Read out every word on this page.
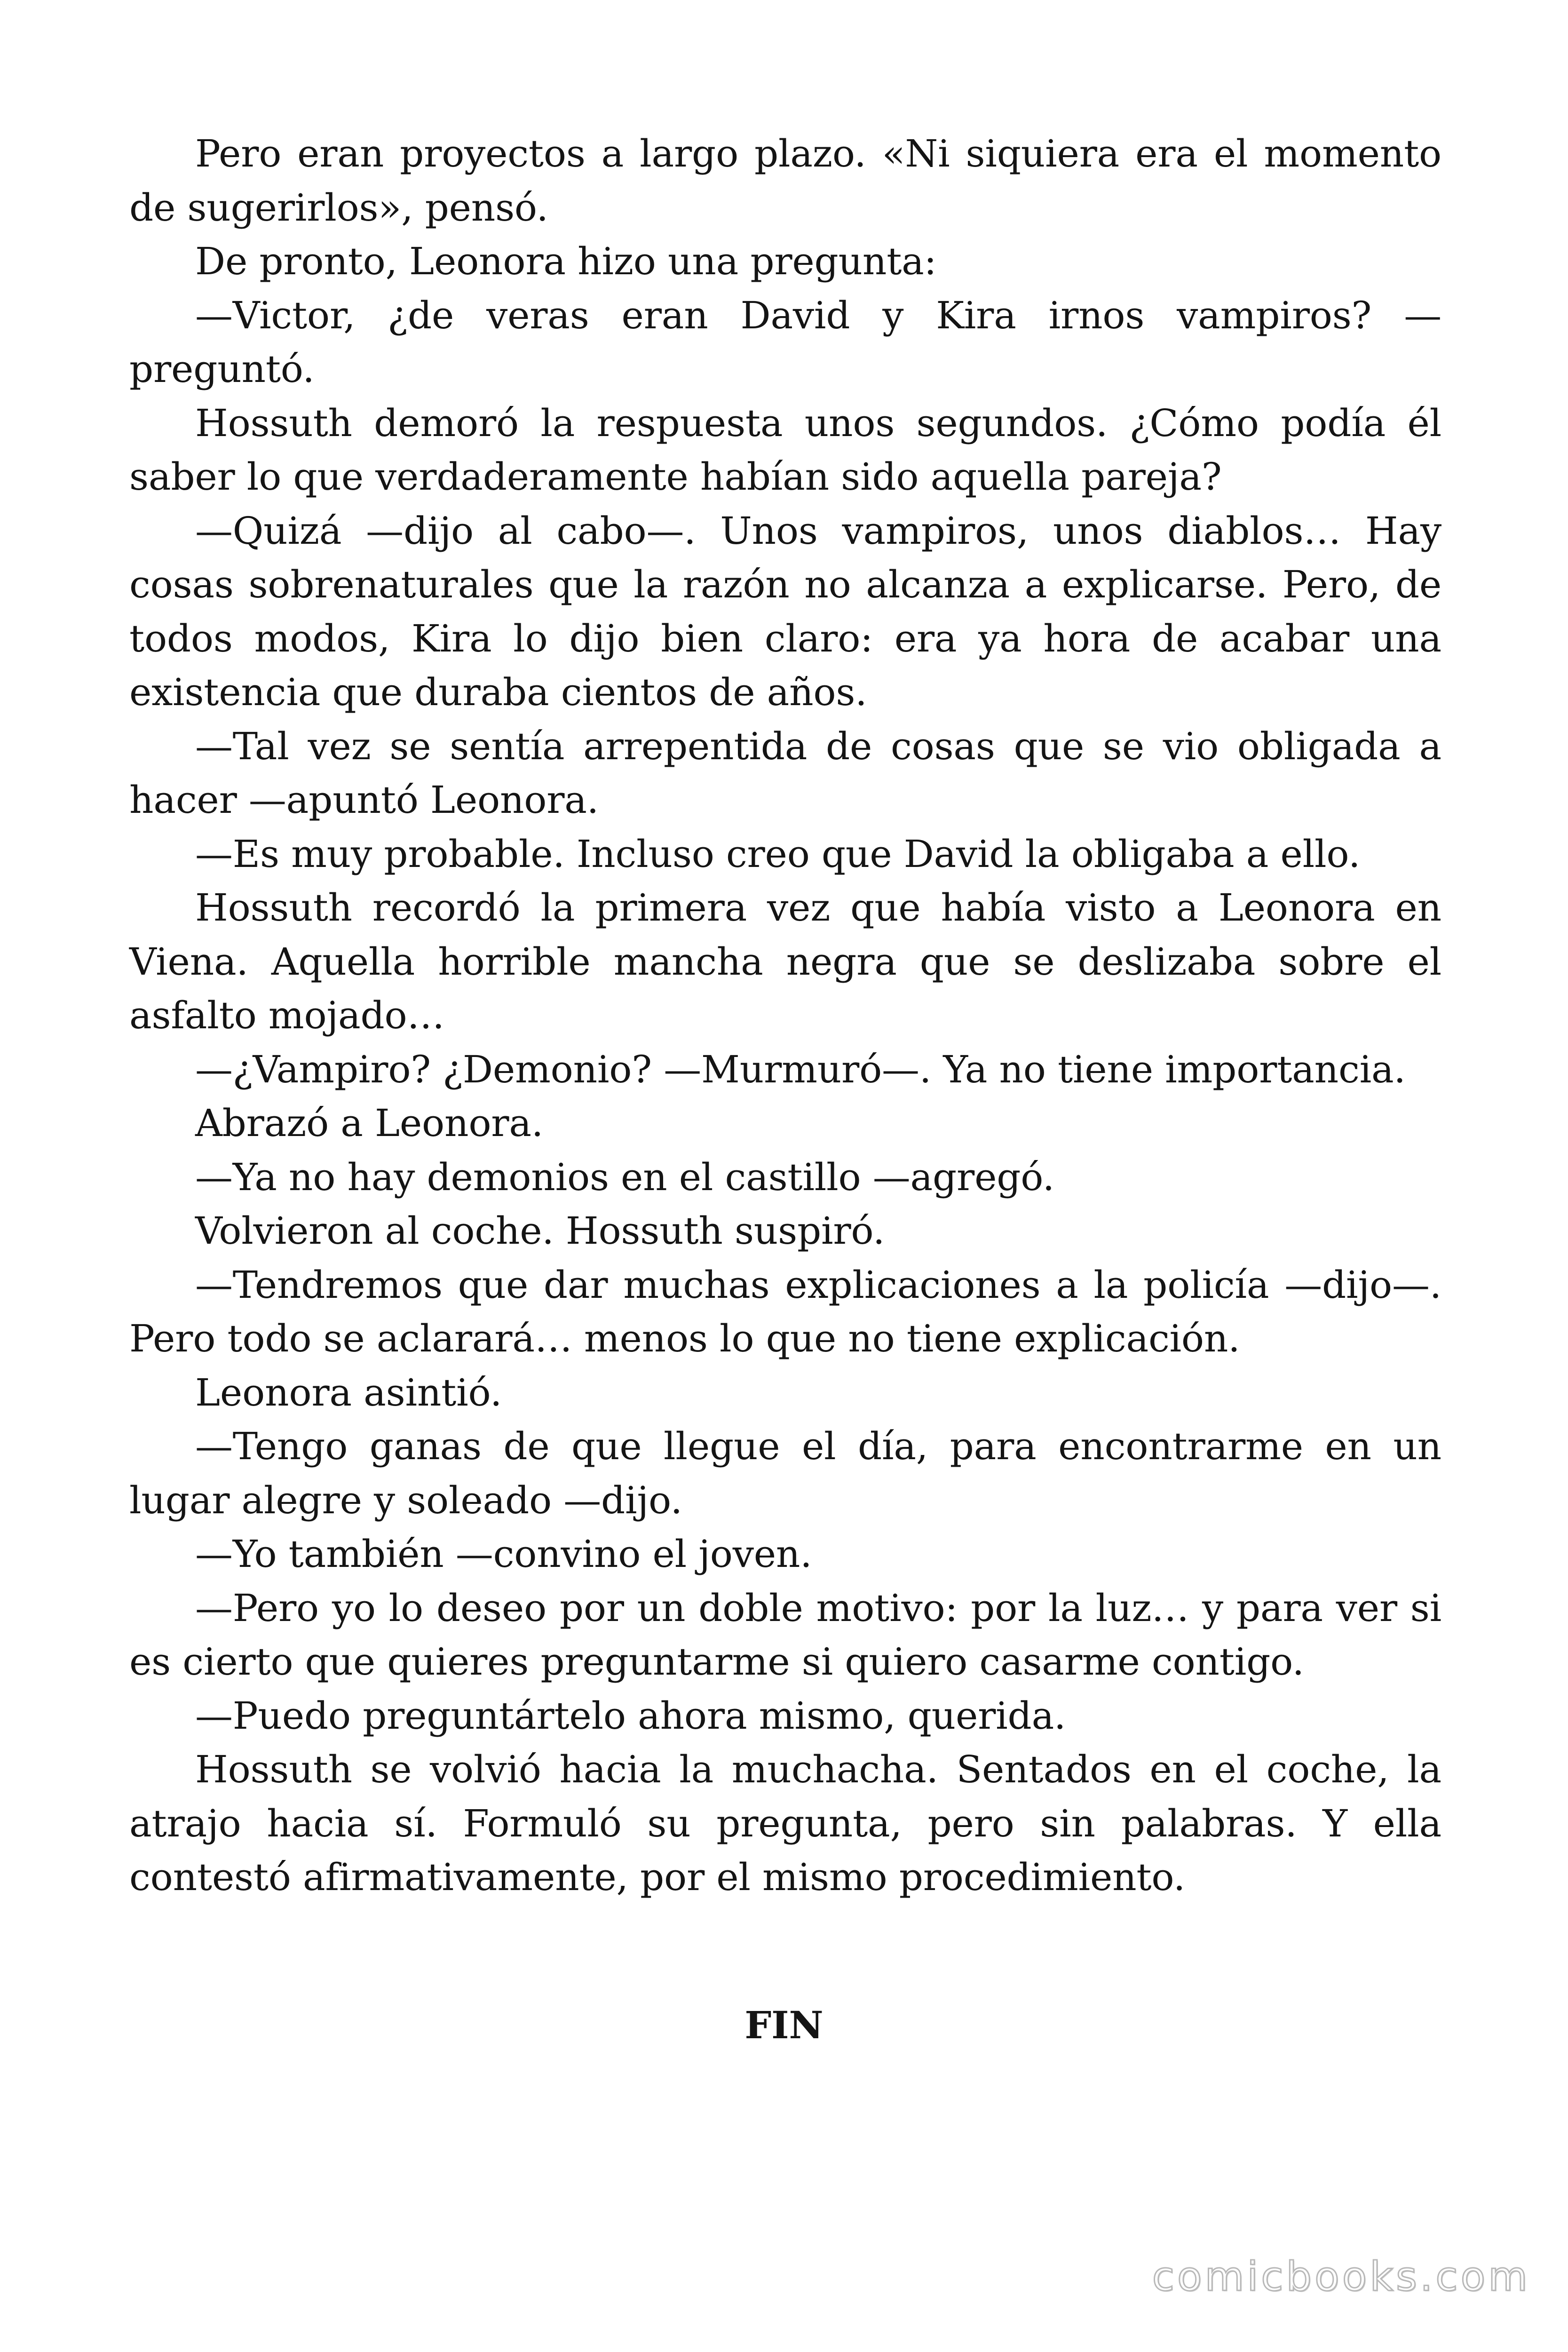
Pero eran proyectos a largo plazo. «Ni siquiera era el momento de sugerirlos», pensó.

De pronto, Leonora hizo una pregunta:

—Victor, ¿de veras eran David y Kira irnos vampiros? —preguntó.

Hossuth demoró la respuesta unos segundos. ¿Cómo podía él saber lo que verdaderamente habían sido aquella pareja?

—Quizá —dijo al cabo—. Unos vampiros, unos diablos… Hay cosas sobrenaturales que la razón no alcanza a explicarse. Pero, de todos modos, Kira lo dijo bien claro: era ya hora de acabar una existencia que duraba cientos de años.

—Tal vez se sentía arrepentida de cosas que se vio obligada a hacer —apuntó Leonora.

—Es muy probable. Incluso creo que David la obligaba a ello.

Hossuth recordó la primera vez que había visto a Leonora en Viena. Aquella horrible mancha negra que se deslizaba sobre el asfalto mojado…

—¿Vampiro? ¿Demonio? —Murmuró—. Ya no tiene importancia.

Abrazó a Leonora.

—Ya no hay demonios en el castillo —agregó.

Volvieron al coche. Hossuth suspiró.

—Tendremos que dar muchas explicaciones a la policía —dijo—. Pero todo se aclarará… menos lo que no tiene explicación.

Leonora asintió.

—Tengo ganas de que llegue el día, para encontrarme en un lugar alegre y soleado —dijo.

—Yo también —convino el joven.

—Pero yo lo deseo por un doble motivo: por la luz… y para ver si es cierto que quieres preguntarme si quiero casarme contigo.

—Puedo preguntártelo ahora mismo, querida.

Hossuth se volvió hacia la muchacha. Sentados en el coche, la atrajo hacia sí. Formuló su pregunta, pero sin palabras. Y ella contestó afirmativamente, por el mismo procedimiento.

FIN

comicbooks.com
